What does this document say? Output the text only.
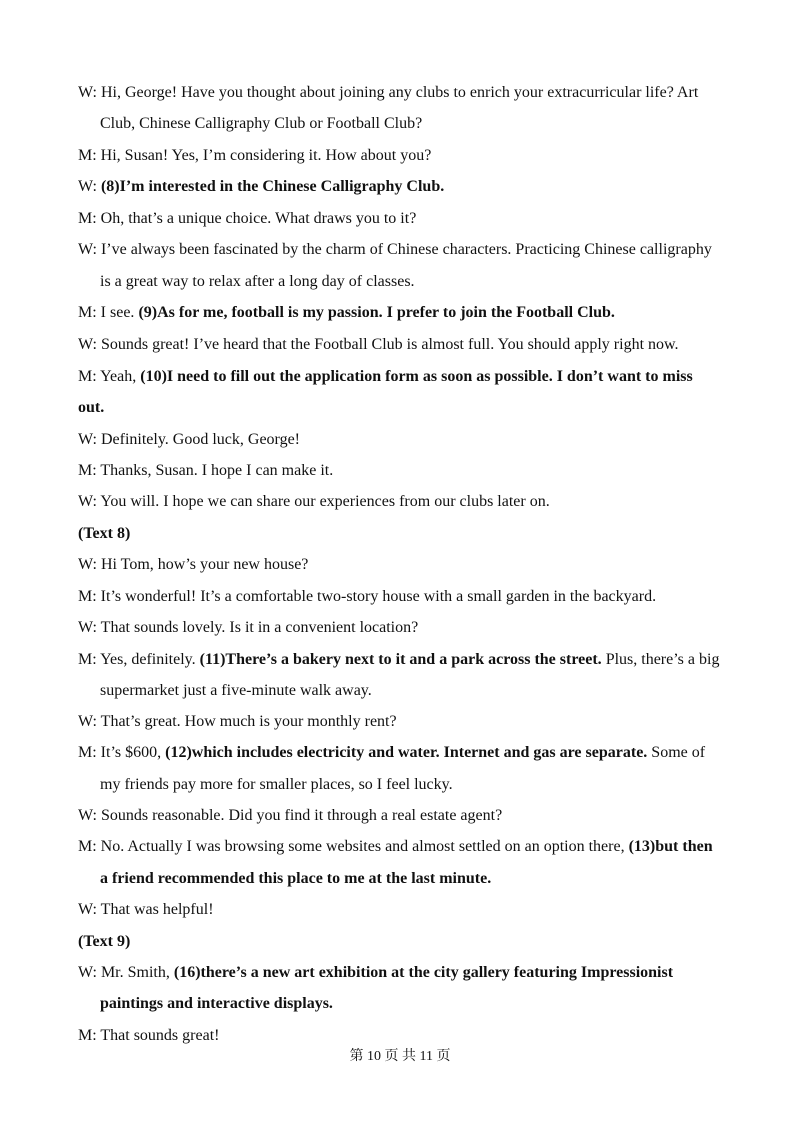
W: Hi, George! Have you thought about joining any clubs to enrich your extracurricular life? Art
Club, Chinese Calligraphy Club or Football Club?
M: Hi, Susan! Yes, I’m considering it. How about you?
W: (8)I’m interested in the Chinese Calligraphy Club.
M: Oh, that’s a unique choice. What draws you to it?
W: I’ve always been fascinated by the charm of Chinese characters. Practicing Chinese calligraphy
is a great way to relax after a long day of classes.
M: I see. (9)As for me, football is my passion. I prefer to join the Football Club.
W: Sounds great! I’ve heard that the Football Club is almost full. You should apply right now.
M: Yeah, (10)I need to fill out the application form as soon as possible. I don’t want to miss
out.
W: Definitely. Good luck, George!
M: Thanks, Susan. I hope I can make it.
W: You will. I hope we can share our experiences from our clubs later on.
(Text 8)
W: Hi Tom, how’s your new house?
M: It’s wonderful! It’s a comfortable two-story house with a small garden in the backyard.
W: That sounds lovely. Is it in a convenient location?
M: Yes, definitely. (11)There’s a bakery next to it and a park across the street. Plus, there’s a big
supermarket just a five-minute walk away.
W: That’s great. How much is your monthly rent?
M: It’s $600, (12)which includes electricity and water. Internet and gas are separate. Some of
my friends pay more for smaller places, so I feel lucky.
W: Sounds reasonable. Did you find it through a real estate agent?
M: No. Actually I was browsing some websites and almost settled on an option there, (13)but then
a friend recommended this place to me at the last minute.
W: That was helpful!
(Text 9)
W: Mr. Smith, (16)there’s a new art exhibition at the city gallery featuring Impressionist
paintings and interactive displays.
M: That sounds great!
第 10 页 共 11 页
